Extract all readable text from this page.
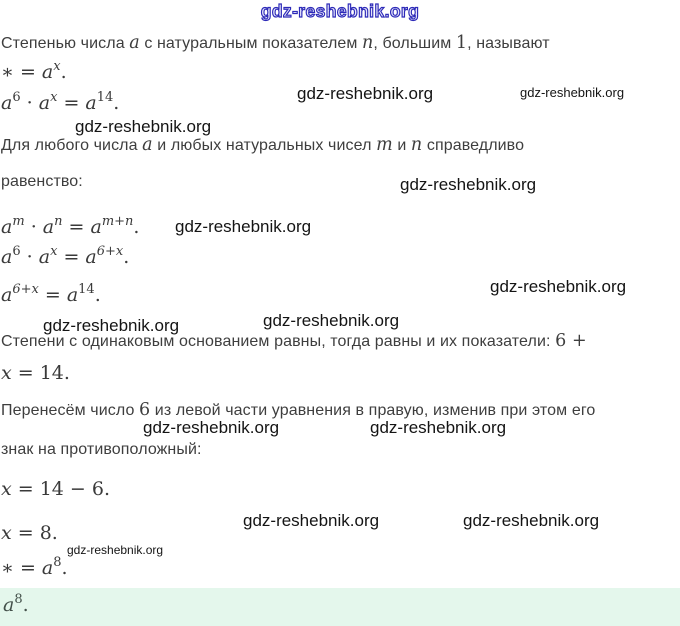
gdz-reshebnik.org
Степенью числа a с натуральным показателем n, большим 1, называют
∗ = $a^x$.
$a^6 \cdot a^x = a^{14}$.
Для любого числа a и любых натуральных чисел m и n справедливо
равенство:
$a^m \cdot a^n = a^{m+n}$.
$a^6 \cdot a^x = a^{6+x}$.
$a^{6+x} = a^{14}$.
Степени с одинаковым основанием равны, тогда равны и их показатели: 6 +
x = 14.
Перенесём число 6 из левой части уравнения в правую, изменив при этом его
знак на противоположный:
x = 14 − 6.
x = 8.
∗ = $a^8$.
$a^8$.
gdz-reshebnik.org	gdz-reshebnik.org
gdz-reshebnik.org
gdz-reshebnik.org
gdz-reshebnik.org
gdz-reshebnik.org
gdz-reshebnik.org	gdz-reshebnik.org
gdz-reshebnik.org	gdz-reshebnik.org
gdz-reshebnik.org	gdz-reshebnik.org
gdz-reshebnik.org
